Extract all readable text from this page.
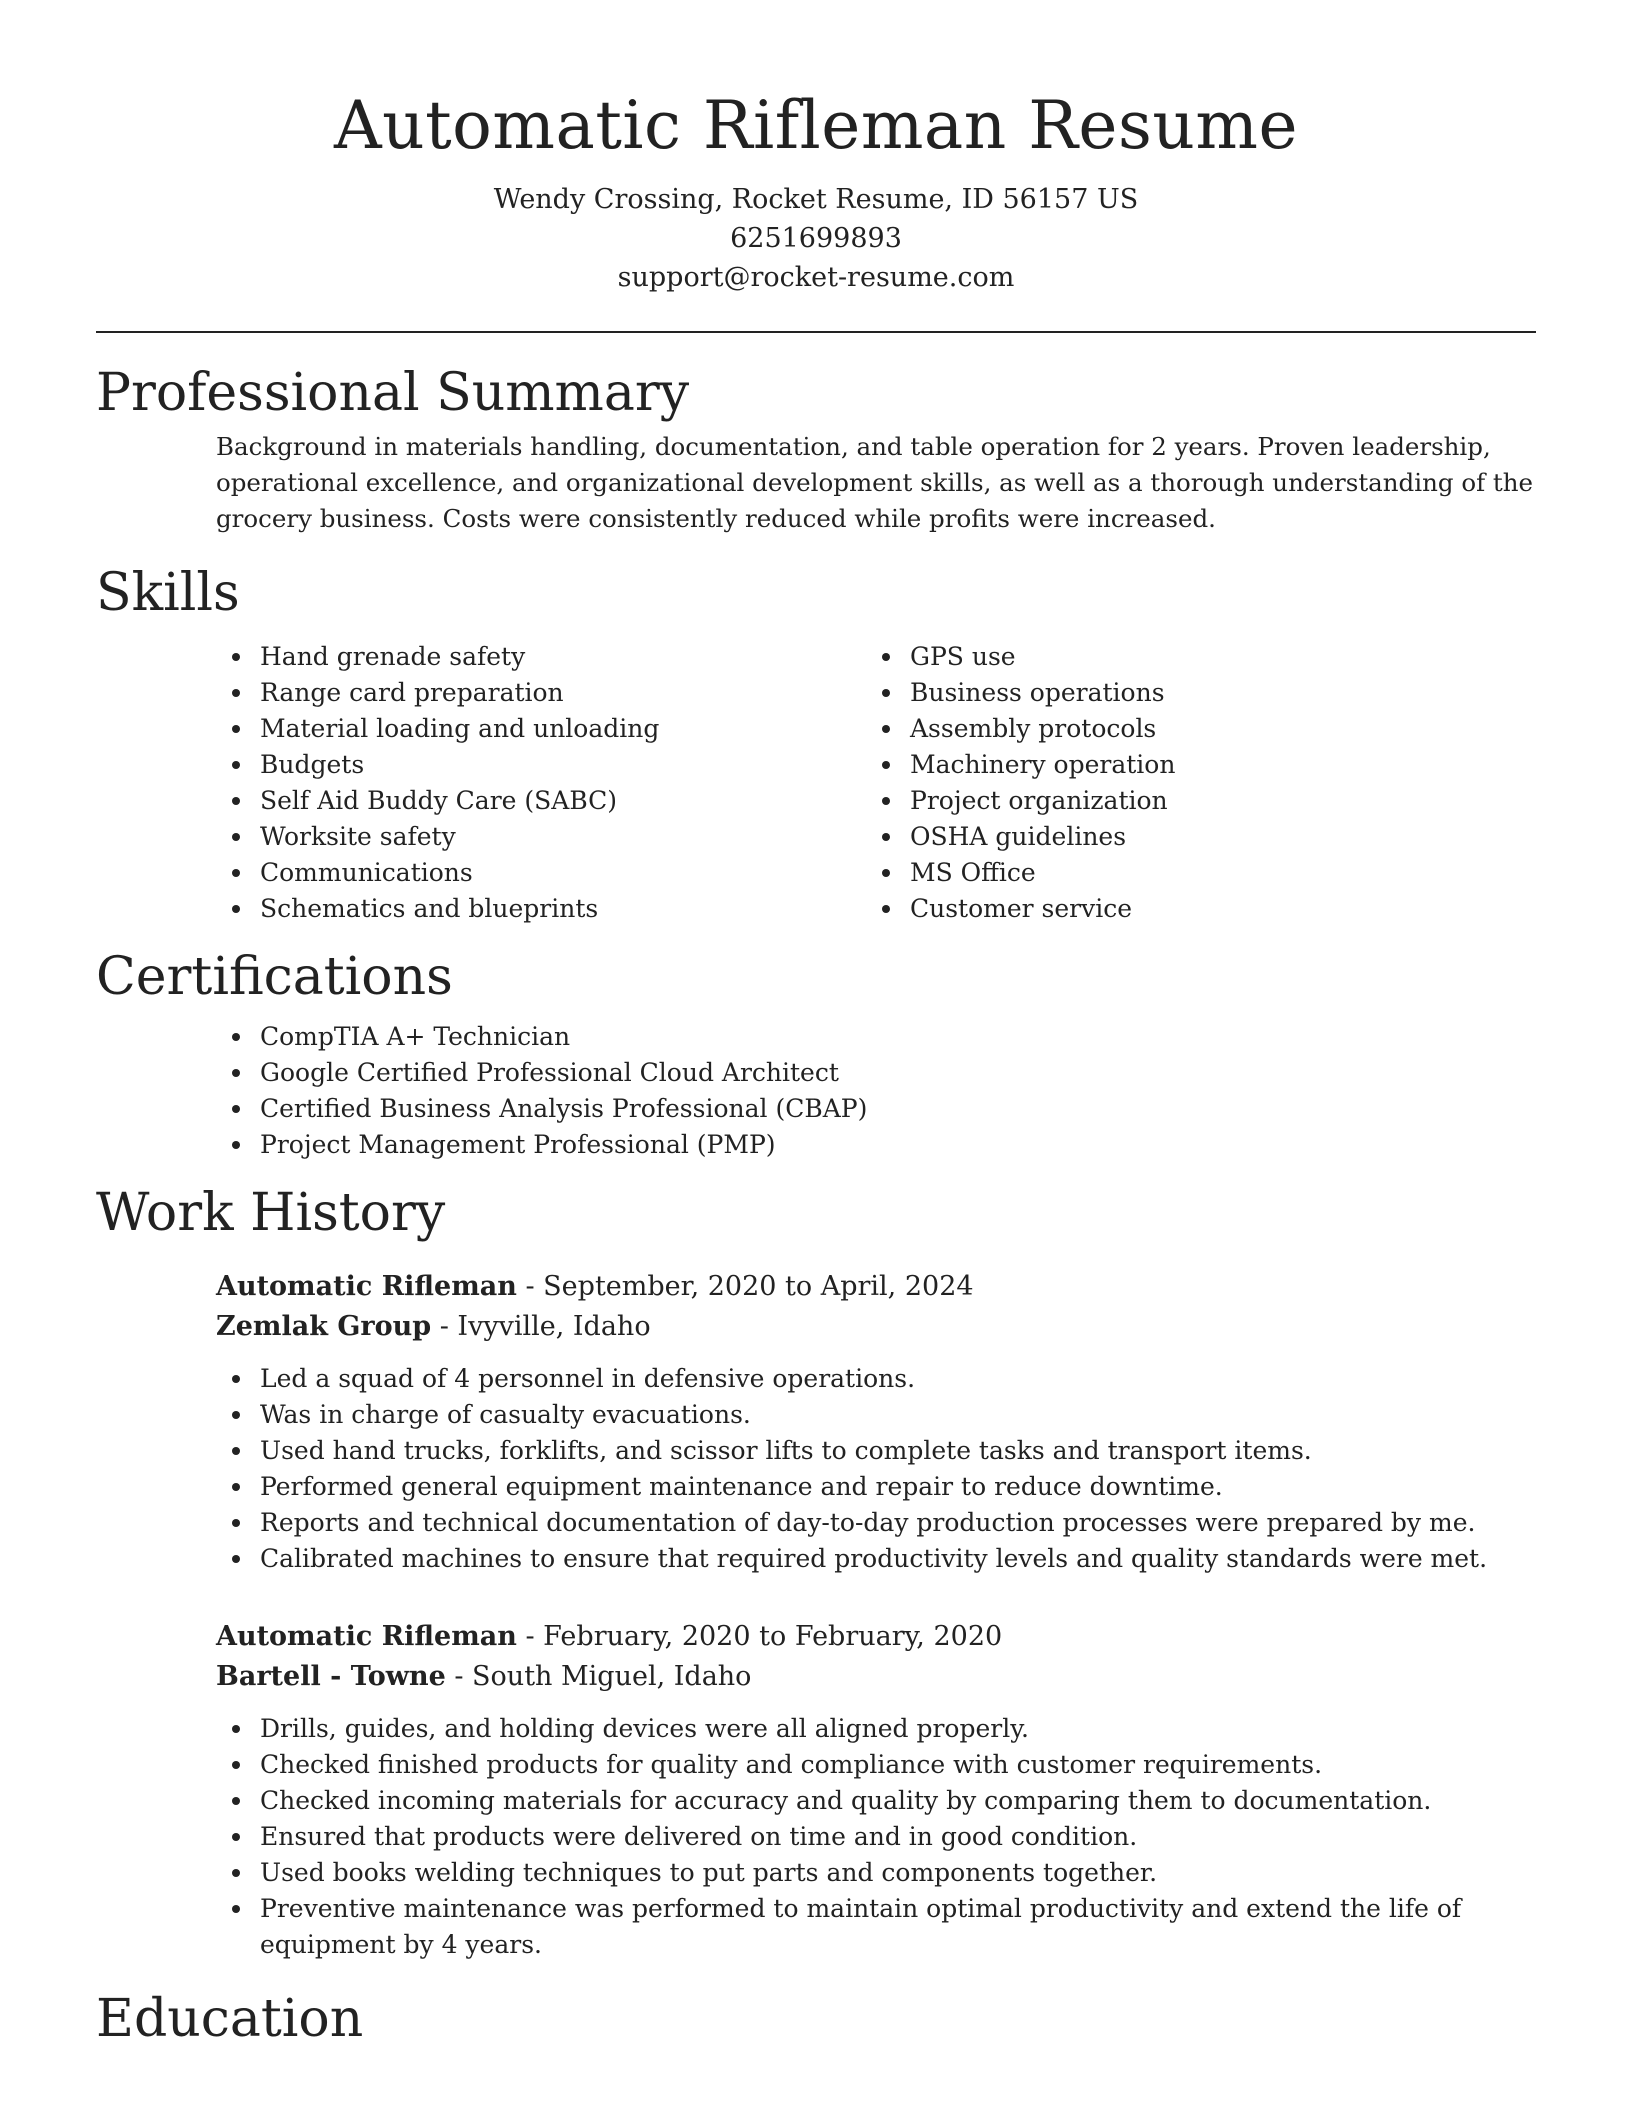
Automatic Rifleman Resume

Wendy Crossing, Rocket Resume, ID 56157 US

6251699893

support@rocket-resume.com

Professional Summary

Background in materials handling, documentation, and table operation for 2 years. Proven leadership, operational excellence, and organizational development skills, as well as a thorough understanding of the grocery business. Costs were consistently reduced while profits were increased.

Skills
Hand grenade safety
Range card preparation
Material loading and unloading
Budgets
Self Aid Buddy Care (SABC)
Worksite safety
Communications
Schematics and blueprints
GPS use
Business operations
Assembly protocols
Machinery operation
Project organization
OSHA guidelines
MS Office
Customer service
Certifications
CompTIA A+ Technician
Google Certified Professional Cloud Architect
Certified Business Analysis Professional (CBAP)
Project Management Professional (PMP)
Work History

Automatic Rifleman - September, 2020 to April, 2024

Zemlak Group - Ivyville, Idaho

Led a squad of 4 personnel in defensive operations.
Was in charge of casualty evacuations.
Used hand trucks, forklifts, and scissor lifts to complete tasks and transport items.
Performed general equipment maintenance and repair to reduce downtime.
Reports and technical documentation of day-to-day production processes were prepared by me.
Calibrated machines to ensure that required productivity levels and quality standards were met.

Automatic Rifleman - February, 2020 to February, 2020

Bartell - Towne - South Miguel, Idaho

Drills, guides, and holding devices were all aligned properly.
Checked finished products for quality and compliance with customer requirements.
Checked incoming materials for accuracy and quality by comparing them to documentation.
Ensured that products were delivered on time and in good condition.
Used books welding techniques to put parts and components together.
Preventive maintenance was performed to maintain optimal productivity and extend the life of equipment by 4 years.
Education
